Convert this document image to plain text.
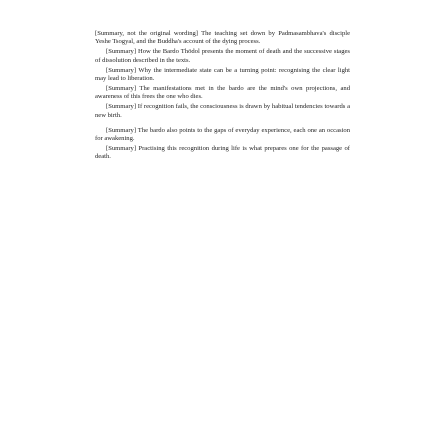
[Summary, not the original wording] The teaching set down by Padmasambhava's disciple Yeshe Tsogyal, and the Buddha's account of the dying process.

[Summary] How the Bardo Thödol presents the moment of death and the successive stages of dissolution described in the texts.

[Summary] Why the intermediate state can be a turning point: recognising the clear light may lead to liberation.

[Summary] The manifestations met in the bardo are the mind's own projections, and awareness of this frees the one who dies.

[Summary] If recognition fails, the consciousness is drawn by habitual tendencies towards a new birth.

[Summary] The bardo also points to the gaps of everyday experience, each one an occasion for awakening.

[Summary] Practising this recognition during life is what prepares one for the passage of death.
